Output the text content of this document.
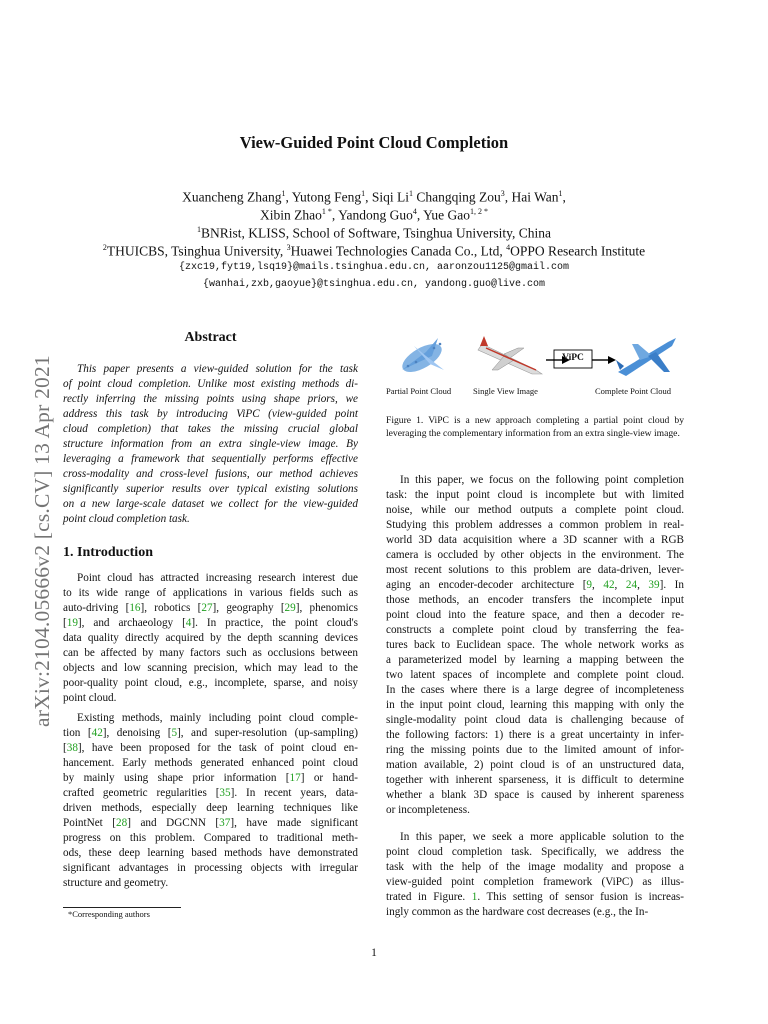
arXiv:2104.05666v2 [cs.CV] 13 Apr 2021
View-Guided Point Cloud Completion
Xuancheng Zhang$^1$, Yutong Feng$^1$, Siqi Li$^1$ Changqing Zou$^3$, Hai Wan$^1$,
Xibin Zhao$^{1 *}$, Yandong Guo$^4$, Yue Gao$^{1, 2 *}$
$^1$BNRist, KLISS, School of Software, Tsinghua University, China
$^2$THUICBS, Tsinghua University, $^3$Huawei Technologies Canada Co., Ltd, $^4$OPPO Research Institute
{zxc19,fyt19,lsq19}@mails.tsinghua.edu.cn, aaronzou1125@gmail.com
{wanhai,zxb,gaoyue}@tsinghua.edu.cn, yandong.guo@live.com
Abstract
This paper presents a view-guided solution for the task
of point cloud completion. Unlike most existing methods di-
rectly inferring the missing points using shape priors, we
address this task by introducing ViPC (view-guided point
cloud completion) that takes the missing crucial global
structure information from an extra single-view image. By
leveraging a framework that sequentially performs effective
cross-modality and cross-level fusions, our method achieves
significantly superior results over typical existing solutions
on a new large-scale dataset we collect for the view-guided
point cloud completion task.
1. Introduction
Point cloud has attracted increasing research interest due
to its wide range of applications in various fields such as
auto-driving [16], robotics [27], geography [29], phenomics
[19], and archaeology [4]. In practice, the point cloud's
data quality directly acquired by the depth scanning devices
can be affected by many factors such as occlusions between
objects and low scanning precision, which may lead to the
poor-quality point cloud, e.g., incomplete, sparse, and noisy
point cloud.
Existing methods, mainly including point cloud comple-
tion [42], denoising [5], and super-resolution (up-sampling)
[38], have been proposed for the task of point cloud en-
hancement. Early methods generated enhanced point cloud
by mainly using shape prior information [17] or hand-
crafted geometric regularities [35]. In recent years, data-
driven methods, especially deep learning techniques like
PointNet [28] and DGCNN [37], have made significant
progress on this problem. Compared to traditional meth-
ods, these deep learning based methods have demonstrated
significant advantages in processing objects with irregular
structure and geometry.
*Corresponding authors
ViPC
Partial Point Cloud	Single View Image	Complete Point Cloud
Figure 1. ViPC is a new approach completing a partial point cloud by leveraging the complementary information from an extra single-view image.
In this paper, we focus on the following point completion
task: the input point cloud is incomplete but with limited
noise, while our method outputs a complete point cloud.
Studying this problem addresses a common problem in real-
world 3D data acquisition where a 3D scanner with a RGB
camera is occluded by other objects in the environment. The
most recent solutions to this problem are data-driven, lever-
aging an encoder-decoder architecture [9, 42, 24, 39]. In
those methods, an encoder transfers the incomplete input
point cloud into the feature space, and then a decoder re-
constructs a complete point cloud by transferring the fea-
tures back to Euclidean space. The whole network works as
a parameterized model by learning a mapping between the
two latent spaces of incomplete and complete point cloud.
In the cases where there is a large degree of incompleteness
in the input point cloud, learning this mapping with only the
single-modality point cloud data is challenging because of
the following factors: 1) there is a great uncertainty in infer-
ring the missing points due to the limited amount of infor-
mation available, 2) point cloud is of an unstructured data,
together with inherent sparseness, it is difficult to determine
whether a blank 3D space is caused by inherent spareness
or incompleteness.
In this paper, we seek a more applicable solution to the
point cloud completion task. Specifically, we address the
task with the help of the image modality and propose a
view-guided point completion framework (ViPC) as illus-
trated in Figure. 1. This setting of sensor fusion is increas-
ingly common as the hardware cost decreases (e.g., the In-
1
